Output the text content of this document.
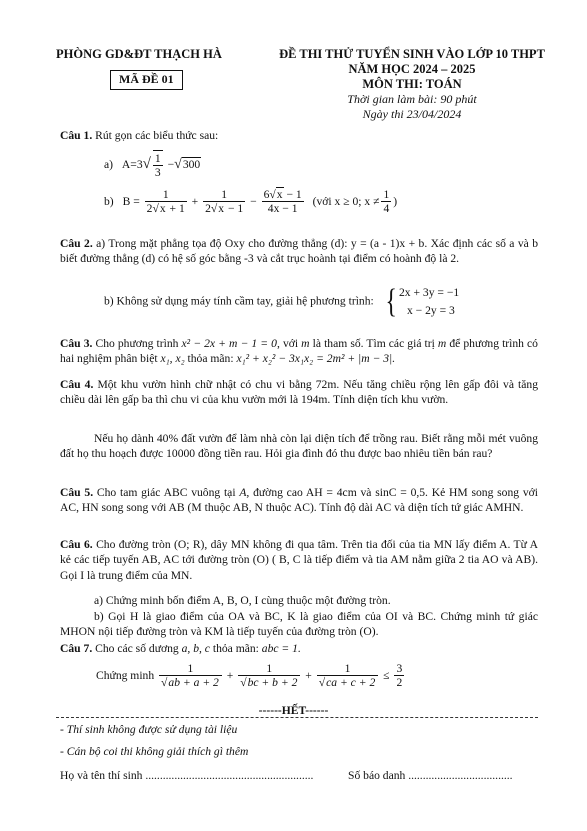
PHÒNG GD&ĐT THẠCH HÀ
MÃ ĐỀ 01
ĐỀ THI THỬ TUYỂN SINH VÀO LỚP 10 THPT
NĂM HỌC 2024 – 2025
MÔN THI: TOÁN
Thời gian làm bài: 90 phút
Ngày thi 23/04/2024
Câu 1. Rút gọn các biểu thức sau:
a) $A=3√ \frac{1}{3} -√300$
b) $B = \frac{1}{2√x + 1} + \frac{1}{2√x - 1} - \frac{6√x - 1}{4x - 1}$ (với x ≥ 0; $x \ne \frac{1}{4}$ )
Câu 2. a) Trong mặt phẳng tọa độ Oxy cho đường thẳng (d): y = (a - 1)x + b. Xác định các số a và b biết đường thẳng (d) có hệ số góc bằng -3 và cắt trục hoành tại điểm có hoành độ là 2.
b) Không sử dụng máy tính cầm tay, giải hệ phương trình: { 2x + 3y = −1
x − 2y = 3
Câu 3. Cho phương trình x² − 2x + m − 1 = 0, với m là tham số. Tìm các giá trị m để phương trình có hai nghiệm phân biệt x₁, x₂ thỏa mãn: x₁² + x₂² − 3x₁x₂ = 2m² + |m − 3|.
Câu 4. Một khu vườn hình chữ nhật có chu vi bằng 72m. Nếu tăng chiều rộng lên gấp đôi và tăng chiều dài lên gấp ba thì chu vi của khu vườn mới là 194m. Tính diện tích khu vườn.
Nếu họ dành 40% đất vườn để làm nhà còn lại diện tích để trồng rau. Biết rằng mỗi mét vuông đất họ thu hoạch được 10000 đồng tiền rau. Hỏi gia đình đó thu được bao nhiêu tiền bán rau?
Câu 5. Cho tam giác ABC vuông tại A, đường cao AH = 4cm và sinC = 0,5. Kẻ HM song song với AC, HN song song với AB (M thuộc AB, N thuộc AC). Tính độ dài AC và diện tích tứ giác AMHN.
Câu 6. Cho đường tròn (O; R), dây MN không đi qua tâm. Trên tia đối của tia MN lấy điểm A. Từ A kẻ các tiếp tuyến AB, AC tới đường tròn (O) ( B, C là tiếp điểm và tia AM nằm giữa 2 tia AO và AB). Gọi I là trung điểm của MN.
a) Chứng minh bốn điểm A, B, O, I cùng thuộc một đường tròn.
b) Gọi H là giao điểm của OA và BC, K là giao điểm của OI và BC. Chứng minh tứ giác MHON nội tiếp đường tròn và KM là tiếp tuyến của đường tròn (O).
Câu 7. Cho các số dương a, b, c thỏa mãn: abc = 1.
Chứng minh $\frac{1}{√ab + a + 2} + \frac{1}{√bc + b + 2} + \frac{1}{√ca + c + 2} \le \frac{3}{2}$
------HẾT------
- Thí sinh không được sử dụng tài liệu
- Cán bộ coi thi không giải thích gì thêm
Họ và tên thí sinh ..........................................................	Số báo danh ....................................
